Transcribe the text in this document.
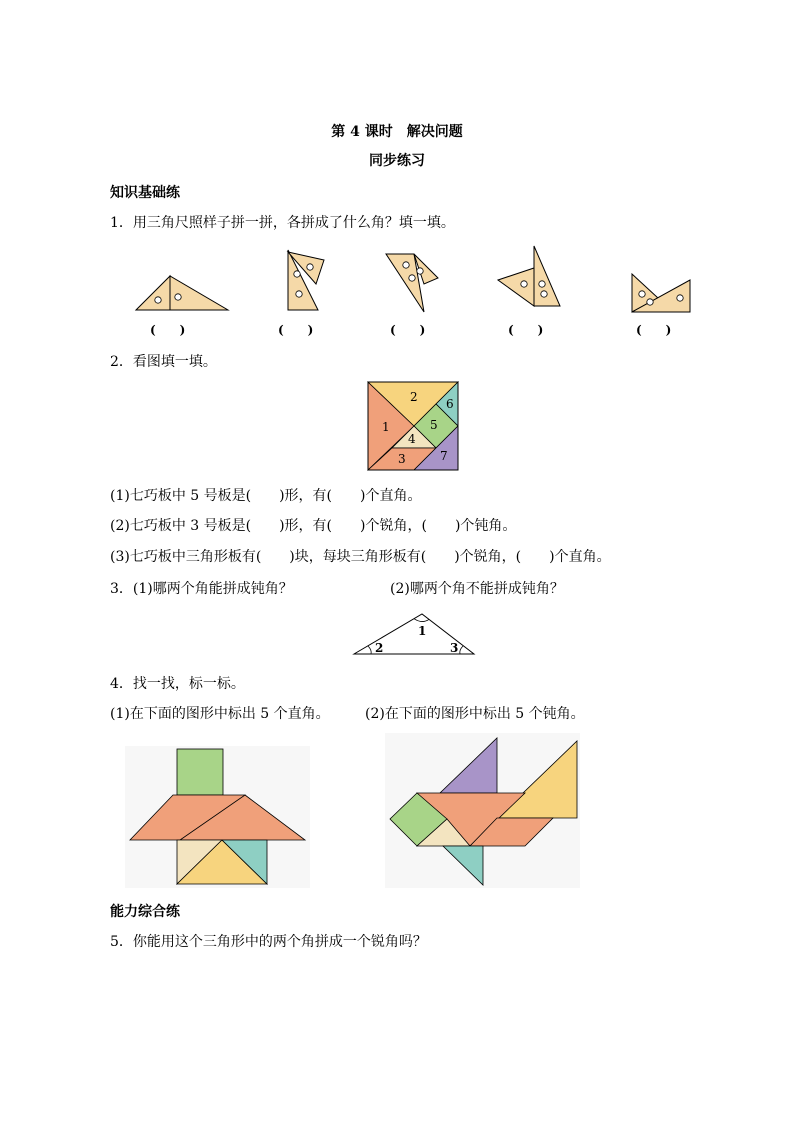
第 4 课时　解决问题
同步练习
知识基础练
1．用三角尺照样子拼一拼，各拼成了什么角？填一填。
(　　)	(　　)	(　　)	(　　)	(　　)
2．看图填一填。
1
2
3
4
5
6
7
(1)七巧板中 5 号板是(　　)形，有(　　)个直角。
(2)七巧板中 3 号板是(　　)形，有(　　)个锐角，(　　)个钝角。
(3)七巧板中三角形板有(　　)块，每块三角形板有(　　)个锐角，(　　)个直角。
3．(1)哪两个角能拼成钝角？	(2)哪两个角不能拼成钝角？
1
2	3
4．找一找，标一标。
(1)在下面的图形中标出 5 个直角。	(2)在下面的图形中标出 5 个钝角。
能力综合练
5．你能用这个三角形中的两个角拼成一个锐角吗？
